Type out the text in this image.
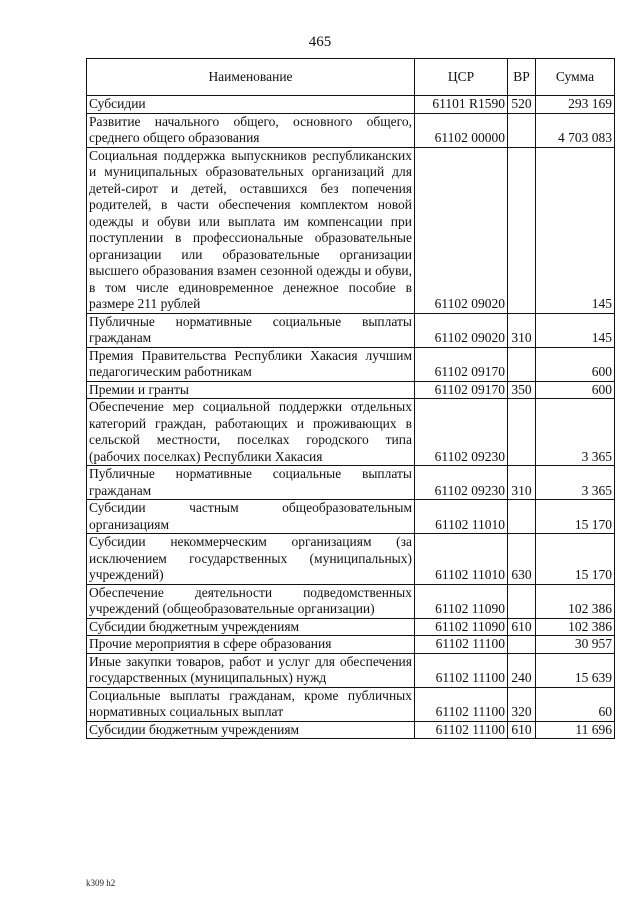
465
Наименование	ЦСР	ВР	Сумма
Субсидии	61101 R1590	520	293 169
Развитие начального общего, основного общего, среднего общего образования	61102 00000		4 703 083
Социальная поддержка выпускников республиканских и муниципальных образовательных организаций для детей-сирот и детей, оставшихся без попечения родителей, в части обеспечения комплектом новой одежды и обуви или выплата им компенсации при поступлении в профессиональные образовательные организации или образовательные организации высшего образования взамен сезонной одежды и обуви, в том числе единовременное денежное пособие в размере 211 рублей	61102 09020		145
Публичные нормативные социальные выплаты гражданам	61102 09020	310	145
Премия Правительства Республики Хакасия лучшим педагогическим работникам	61102 09170		600
Премии и гранты	61102 09170	350	600
Обеспечение мер социальной поддержки отдельных категорий граждан, работающих и проживающих в сельской местности, поселках городского типа (рабочих поселках) Республики Хакасия	61102 09230		3 365
Публичные нормативные социальные выплаты гражданам	61102 09230	310	3 365
Субсидии частным общеобразовательным организациям	61102 11010		15 170
Субсидии некоммерческим организациям (за исключением государственных (муниципальных) учреждений)	61102 11010	630	15 170
Обеспечение деятельности подведомственных учреждений (общеобразовательные организации)	61102 11090		102 386
Субсидии бюджетным учреждениям	61102 11090	610	102 386
Прочие мероприятия в сфере образования	61102 11100		30 957
Иные закупки товаров, работ и услуг для обеспечения государственных (муниципальных) нужд	61102 11100	240	15 639
Социальные выплаты гражданам, кроме публичных нормативных социальных выплат	61102 11100	320	60
Субсидии бюджетным учреждениям	61102 11100	610	11 696
k309 h2
